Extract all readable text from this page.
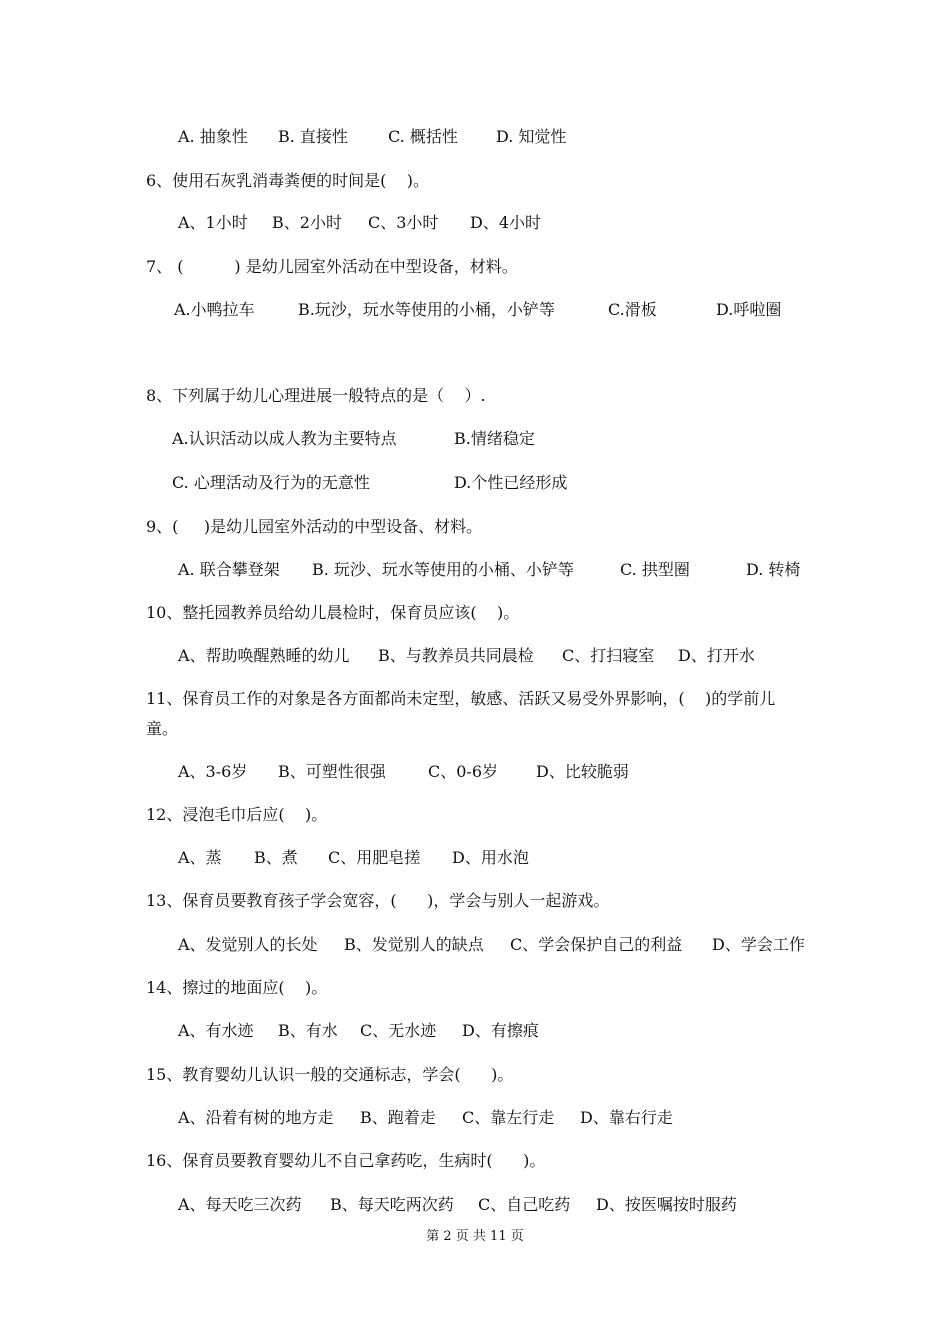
A. 抽象性 B. 直接性	C. 概括性 D. 知觉性
6、使用石灰乳消毒粪便的时间是(    )。
A、1小时 B、2小时 C、3小时 D、4小时
7、 (          ) 是幼儿园室外活动在中型设备，材料。
A.小鸭拉车	B.玩沙，玩水等使用的小桶，小铲等	C.滑板	D.呼啦圈
8、下列属于幼儿心理进展一般特点的是（    ）.
A.认识活动以成人教为主要特点	B.情绪稳定
C. 心理活动及行为的无意性	D.个性已经形成
9、(     )是幼儿园室外活动的中型设备、材料。
A. 联合攀登架 B. 玩沙、玩水等使用的小桶、小铲等	C. 拱型圈	D. 转椅
10、整托园教养员给幼儿晨检时，保育员应该(    )。
A、帮助唤醒熟睡的幼儿 B、与教养员共同晨检 C、打扫寝室 D、打开水
11、保育员工作的对象是各方面都尚未定型，敏感、活跃又易受外界影响，(    )的学前儿
童。
A、3-6岁 B、可塑性很强	C、0-6岁 D、比较脆弱
12、浸泡毛巾后应(    )。
A、蒸 B、煮 C、用肥皂搓 D、用水泡
13、保育员要教育孩子学会宽容，(      )，学会与别人一起游戏。
A、发觉别人的长处 B、发觉别人的缺点 C、学会保护自己的利益 D、学会工作
14、擦过的地面应(    )。
A、有水迹 B、有水 C、无水迹 D、有擦痕
15、教育婴幼儿认识一般的交通标志，学会(      )。
A、沿着有树的地方走 B、跑着走 C、靠左行走 D、靠右行走
16、保育员要教育婴幼儿不自己拿药吃，生病时(      )。
A、每天吃三次药 B、每天吃两次药 C、自己吃药 D、按医嘱按时服药
第 2 页 共 11 页
